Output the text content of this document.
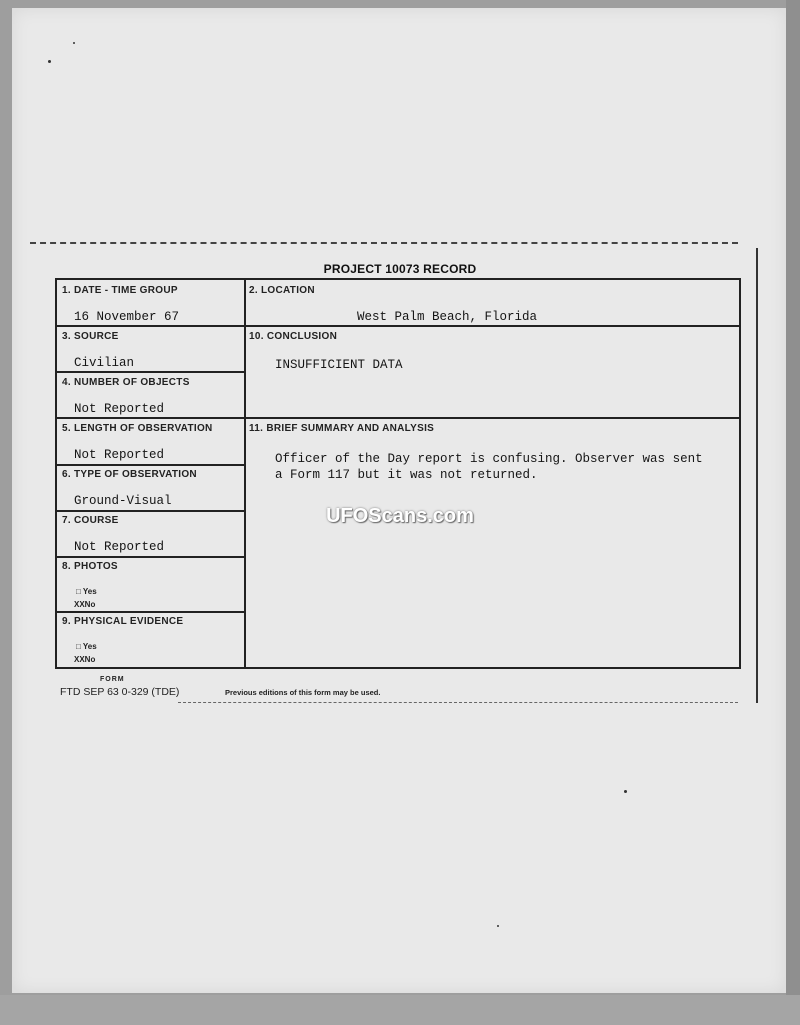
PROJECT 10073 RECORD
1. DATE - TIME GROUP
16 November 67
2. LOCATION
West Palm Beach, Florida
3. SOURCE
Civilian
10. CONCLUSION
INSUFFICIENT DATA
4. NUMBER OF OBJECTS
Not Reported
5. LENGTH OF OBSERVATION
Not Reported
11. BRIEF SUMMARY AND ANALYSIS
Officer of the Day report is confusing. Observer was sent
a Form 117 but it was not returned.
6. TYPE OF OBSERVATION
Ground-Visual
7. COURSE
Not Reported
8. PHOTOS
□ Yes
XXNo
9. PHYSICAL EVIDENCE
□ Yes
XXNo
UFOScans.com
FORM
FTD SEP 63 0-329 (TDE)	Previous editions of this form may be used.
